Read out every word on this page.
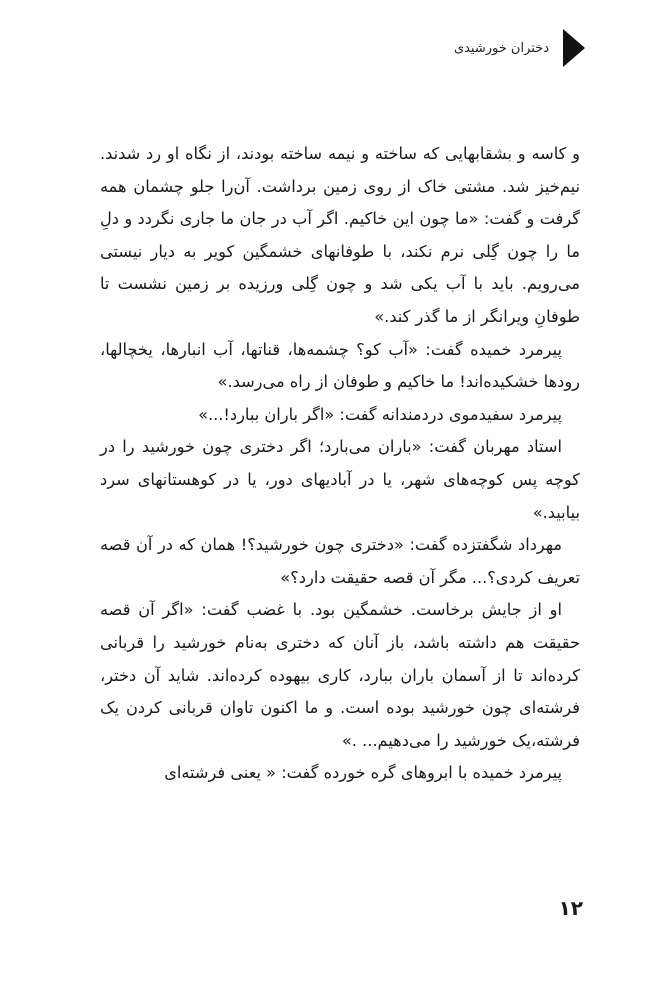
دختران خورشیدی

و کاسه و بشقابهایی که ساخته و نیمه ساخته بودند، از نگاه او رد شدند. نیم‌خیز شد. مشتی خاک از روی زمین برداشت. آن‌را جلو چشمان همه گرفت و گفت: «ما چون این خاکیم. اگر آب در جان ما جاری نگردد و دلِ ما را چون گِلی نرم نکند، با طوفانهای خشمگین کویر به دیار نیستی می‌رویم. باید با آب یکی شد و چون گِلی ورزیده بر زمین نشست تا طوفانِ ویرانگر از ما گذر کند.»

پیرمرد خمیده گفت: «آب کو؟ چشمه‌ها، قناتها، آب انبارها، یخچالها، رودها خشکیده‌اند! ما خاکیم و طوفان از راه می‌رسد.»

پیرمرد سفیدموی دردمندانه گفت: «اگر باران ببارد!...»

استاد مهربان گفت: «باران می‌بارد؛ اگر دختری چون خورشید را در کوچه پس کوچه‌های شهر، یا در آبادیهای دور، یا در کوهستانهای سرد بیابید.»

مهرداد شگفتزده گفت: «دختری چون خورشید؟! همان که در آن قصه تعریف کردی؟... مگر آن قصه حقیقت دارد؟»

او از جایش برخاست. خشمگین بود. با غضب گفت: «اگر آن قصه حقیقت هم داشته باشد، باز آنان که دختری به‌نام خورشید را قربانی کرده‌اند تا از آسمان باران ببارد، کاری بیهوده کرده‌اند. شاید آن دختر، فرشته‌ای چون خورشید بوده است. و ما اکنون تاوان قربانی کردن یک فرشته،یک خورشید را می‌دهیم... .»

پیرمرد خمیده با ابروهای گره خورده گفت: « یعنی فرشته‌ای

۱۲
